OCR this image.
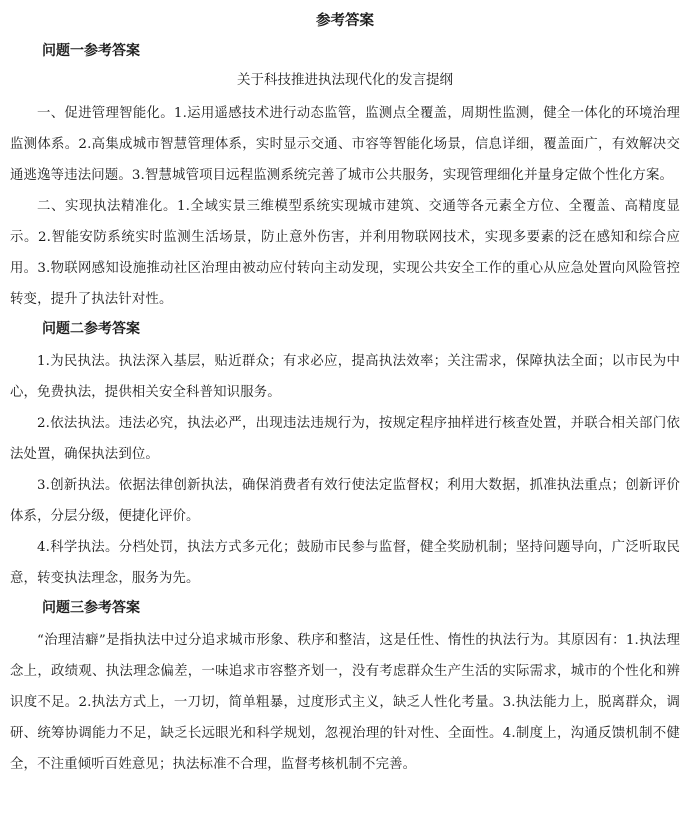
参考答案
问题一参考答案
关于科技推进执法现代化的发言提纲

一、促进管理智能化。1.运用遥感技术进行动态监管，监测点全覆盖，周期性监测，健全一体化的环境治理监测体系。2.高集成城市智慧管理体系，实时显示交通、市容等智能化场景，信息详细，覆盖面广，有效解决交通逃逸等违法问题。3.智慧城管项目远程监测系统完善了城市公共服务，实现管理细化并量身定做个性化方案。

二、实现执法精准化。1.全域实景三维模型系统实现城市建筑、交通等各元素全方位、全覆盖、高精度显示。2.智能安防系统实时监测生活场景，防止意外伤害，并利用物联网技术，实现多要素的泛在感知和综合应用。3.物联网感知设施推动社区治理由被动应付转向主动发现，实现公共安全工作的重心从应急处置向风险管控转变，提升了执法针对性。

问题二参考答案

1.为民执法。执法深入基层，贴近群众；有求必应，提高执法效率；关注需求，保障执法全面；以市民为中心，免费执法，提供相关安全科普知识服务。

2.依法执法。违法必究，执法必严，出现违法违规行为，按规定程序抽样进行核查处置，并联合相关部门依法处置，确保执法到位。

3.创新执法。依据法律创新执法，确保消费者有效行使法定监督权；利用大数据，抓准执法重点；创新评价体系，分层分级，便捷化评价。

4.科学执法。分档处罚，执法方式多元化；鼓励市民参与监督，健全奖励机制；坚持问题导向，广泛听取民意，转变执法理念，服务为先。

问题三参考答案

“治理洁癖”是指执法中过分追求城市形象、秩序和整洁，这是任性、惰性的执法行为。其原因有：1.执法理念上，政绩观、执法理念偏差，一味追求市容整齐划一，没有考虑群众生产生活的实际需求，城市的个性化和辨识度不足。2.执法方式上，一刀切，简单粗暴，过度形式主义，缺乏人性化考量。3.执法能力上，脱离群众，调研、统筹协调能力不足，缺乏长远眼光和科学规划，忽视治理的针对性、全面性。4.制度上，沟通反馈机制不健全，不注重倾听百姓意见；执法标准不合理，监督考核机制不完善。
